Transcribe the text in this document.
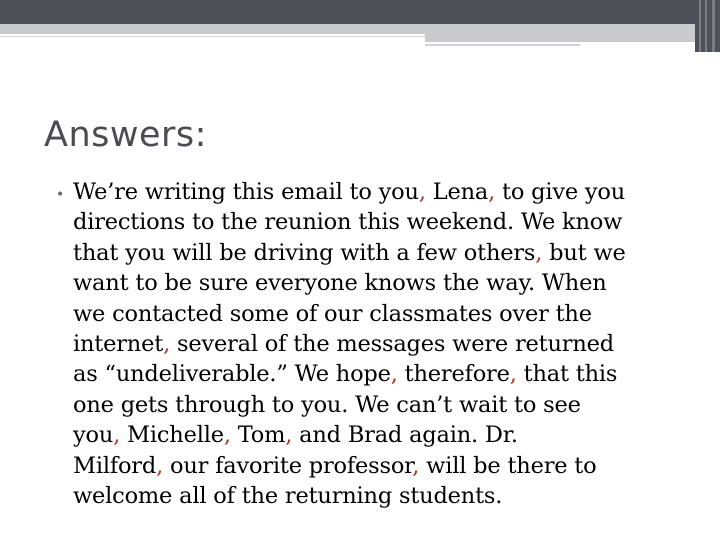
Answers:
• We’re writing this email to you, Lena, to give you
directions to the reunion this weekend. We know
that you will be driving with a few others, but we
want to be sure everyone knows the way. When
we contacted some of our classmates over the
internet, several of the messages were returned
as “undeliverable.” We hope, therefore, that this
one gets through to you. We can’t wait to see
you, Michelle, Tom, and Brad again. Dr.
Milford, our favorite professor, will be there to
welcome all of the returning students.
